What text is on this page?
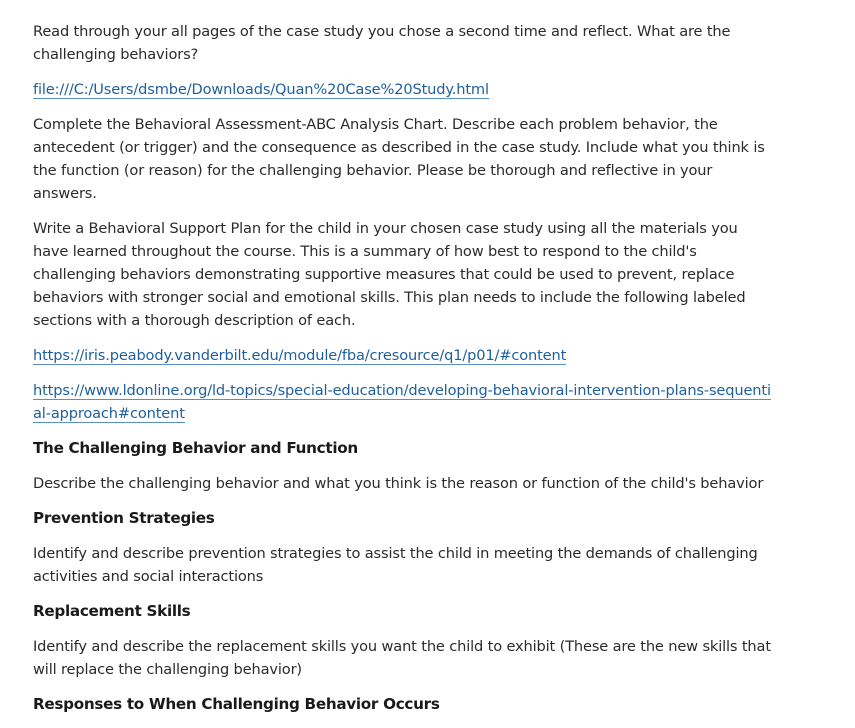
Read through your all pages of the case study you chose a second time and reflect. What are the challenging behaviors?

file:///C:/Users/dsmbe/Downloads/Quan%20Case%20Study.html

Complete the Behavioral Assessment-ABC Analysis Chart. Describe each problem behavior, the antecedent (or trigger) and the consequence as described in the case study. Include what you think is the function (or reason) for the challenging behavior. Please be thorough and reflective in your answers.

Write a Behavioral Support Plan for the child in your chosen case study using all the materials you have learned throughout the course. This is a summary of how best to respond to the child's challenging behaviors demonstrating supportive measures that could be used to prevent, replace behaviors with stronger social and emotional skills. This plan needs to include the following labeled sections with a thorough description of each.

https://iris.peabody.vanderbilt.edu/module/fba/cresource/q1/p01/#content

https://www.ldonline.org/ld-topics/special-education/developing-behavioral-intervention-plans-sequential-approach#content

The Challenging Behavior and Function

Describe the challenging behavior and what you think is the reason or function of the child's behavior

Prevention Strategies

Identify and describe prevention strategies to assist the child in meeting the demands of challenging activities and social interactions

Replacement Skills

Identify and describe the replacement skills you want the child to exhibit (These are the new skills that will replace the challenging behavior)

Responses to When Challenging Behavior Occurs
